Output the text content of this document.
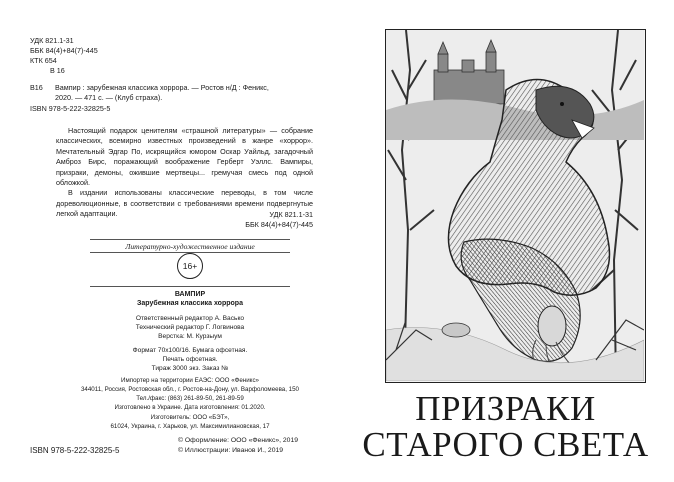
УДК 821.1-31
ББК 84(4)+84(7)-445
КТК 654
В 16
В16	Вампир : зарубежная классика хоррора. — Ростов н/Д : Феникс,
2020. — 471 с. — (Клуб страха).
ISBN 978-5-222-32825-5

Настоящий подарок ценителям «страшной литературы» — собрание классических, всемирно известных произведений в жанре «хоррор». Мечтательный Эдгар По, искрящийся юмором Оскар Уайльд, загадочный Амброз Бирс, поражающий воображение Герберт Уэллс. Вампиры, призраки, демоны, ожившие мертвецы... гремучая смесь под одной обложкой.

В издании использованы классические переводы, в том числе дореволюционные, в соответствии с требованиями времени подвергнутые легкой адаптации.	УДК 821.1-31
ББК 84(4)+84(7)-445
Литературно-художественное издание
16+
ВАМПИР
Зарубежная классика хоррора
Ответственный редактор А. Васько
Технический редактор Г. Логвинова
Верстка: М. Курзыум
Формат 70х100/16. Бумага офсетная.
Печать офсетная.
Тираж 3000 экз. Заказ №
Импортер на территории ЕАЭС: ООО «Феникс»
344011, Россия, Ростовская обл., г. Ростов-на-Дону, ул. Варфоломеева, 150
Тел./факс: (863) 261-89-50, 261-89-59
Изготовлено в Украине. Дата изготовления: 01.2020.
Изготовитель: ООО «БЭТ»,
61024, Украина, г. Харьков, ул. Максимилиановская, 17
ISBN 978-5-222-32825-5
© Оформление: ООО «Феникс», 2019
© Иллюстрации: Иванов И., 2019
ПРИЗРАКИ
СТАРОГО СВЕТА
